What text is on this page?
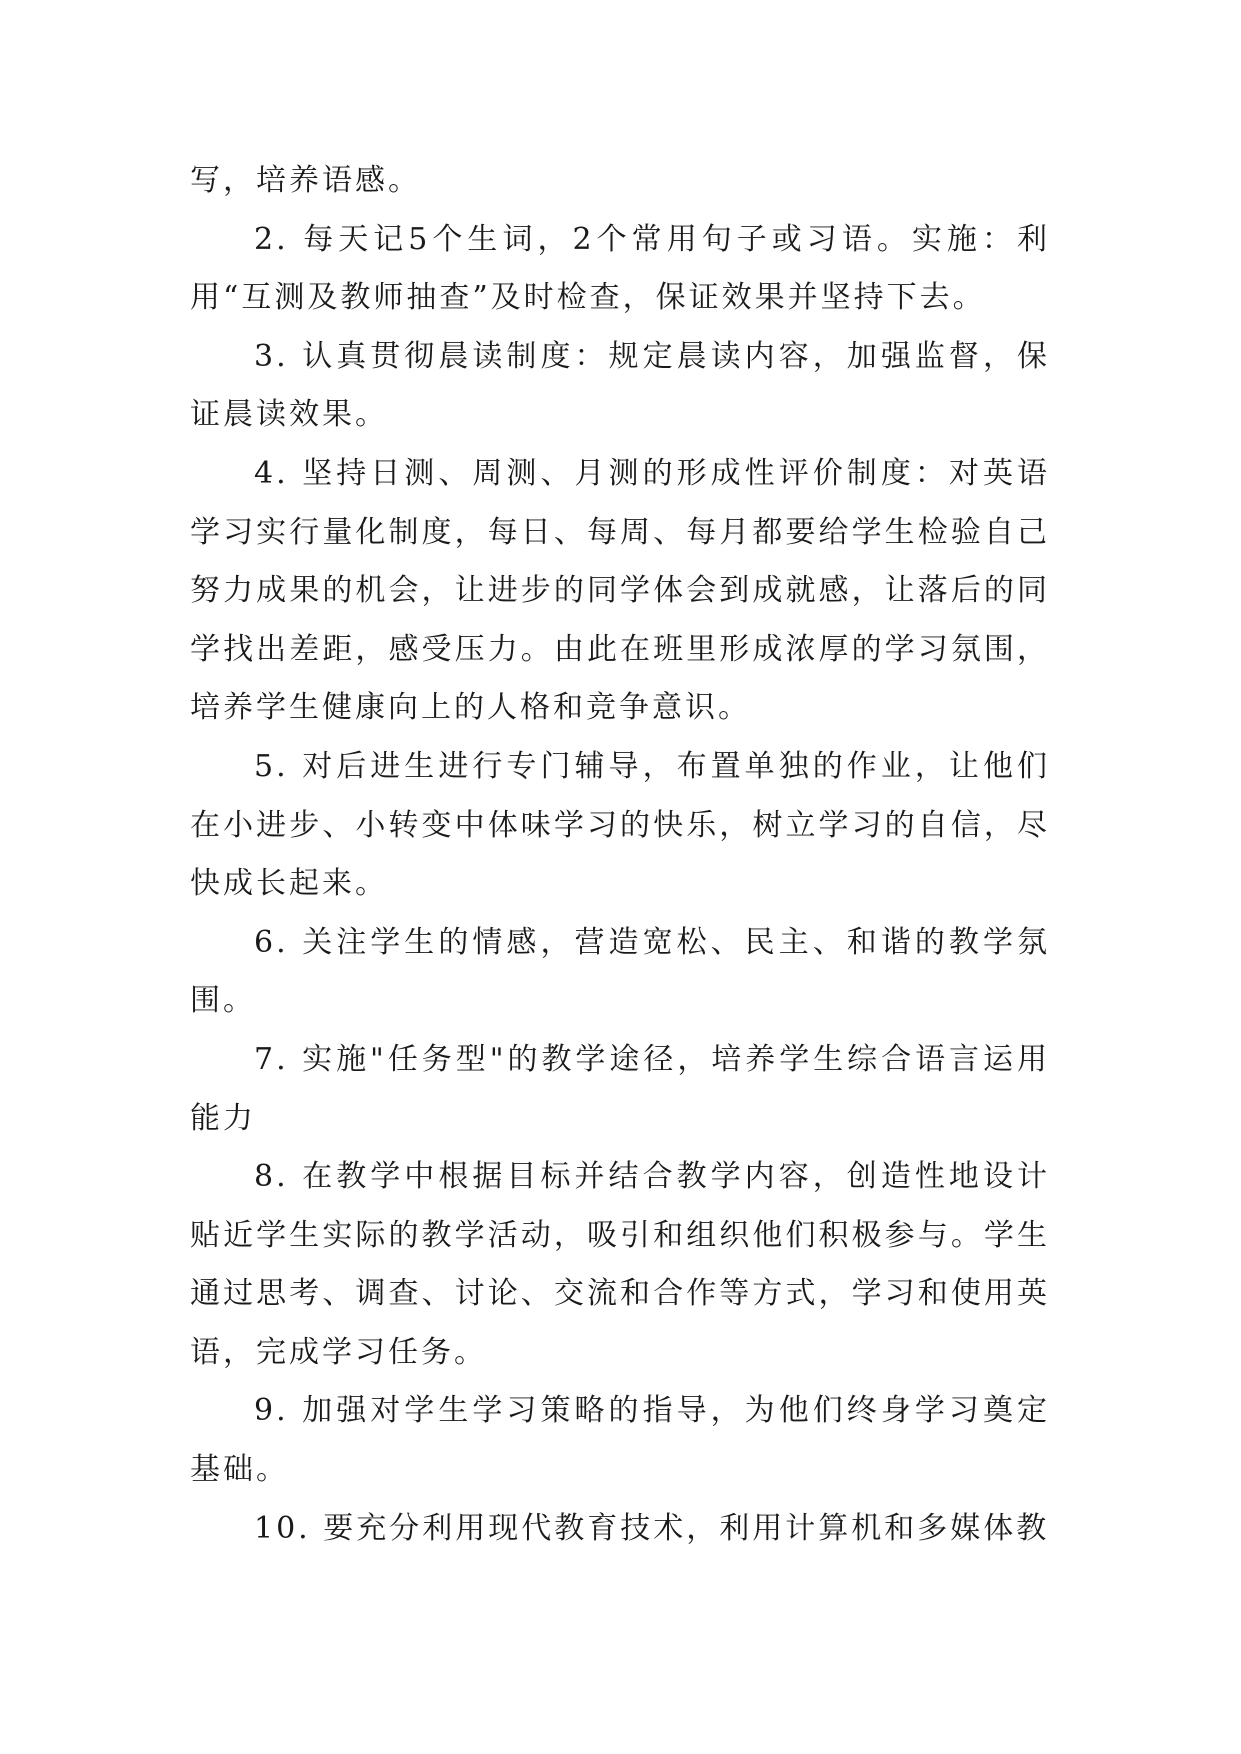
写，培养语感。

2. 每天记5个生词，2个常用句子或习语。实施：利用“互测及教师抽查”及时检查，保证效果并坚持下去。

3. 认真贯彻晨读制度：规定晨读内容，加强监督，保证晨读效果。

4. 坚持日测、周测、月测的形成性评价制度：对英语学习实行量化制度，每日、每周、每月都要给学生检验自己努力成果的机会，让进步的同学体会到成就感，让落后的同学找出差距，感受压力。由此在班里形成浓厚的学习氛围，培养学生健康向上的人格和竞争意识。

5. 对后进生进行专门辅导，布置单独的作业，让他们在小进步、小转变中体味学习的快乐，树立学习的自信，尽快成长起来。

6. 关注学生的情感，营造宽松、民主、和谐的教学氛围。

7. 实施"任务型"的教学途径，培养学生综合语言运用能力

8. 在教学中根据目标并结合教学内容，创造性地设计贴近学生实际的教学活动，吸引和组织他们积极参与。学生通过思考、调查、讨论、交流和合作等方式，学习和使用英语，完成学习任务。

9. 加强对学生学习策略的指导，为他们终身学习奠定基础。

10. 要充分利用现代教育技术，利用计算机和多媒体教
